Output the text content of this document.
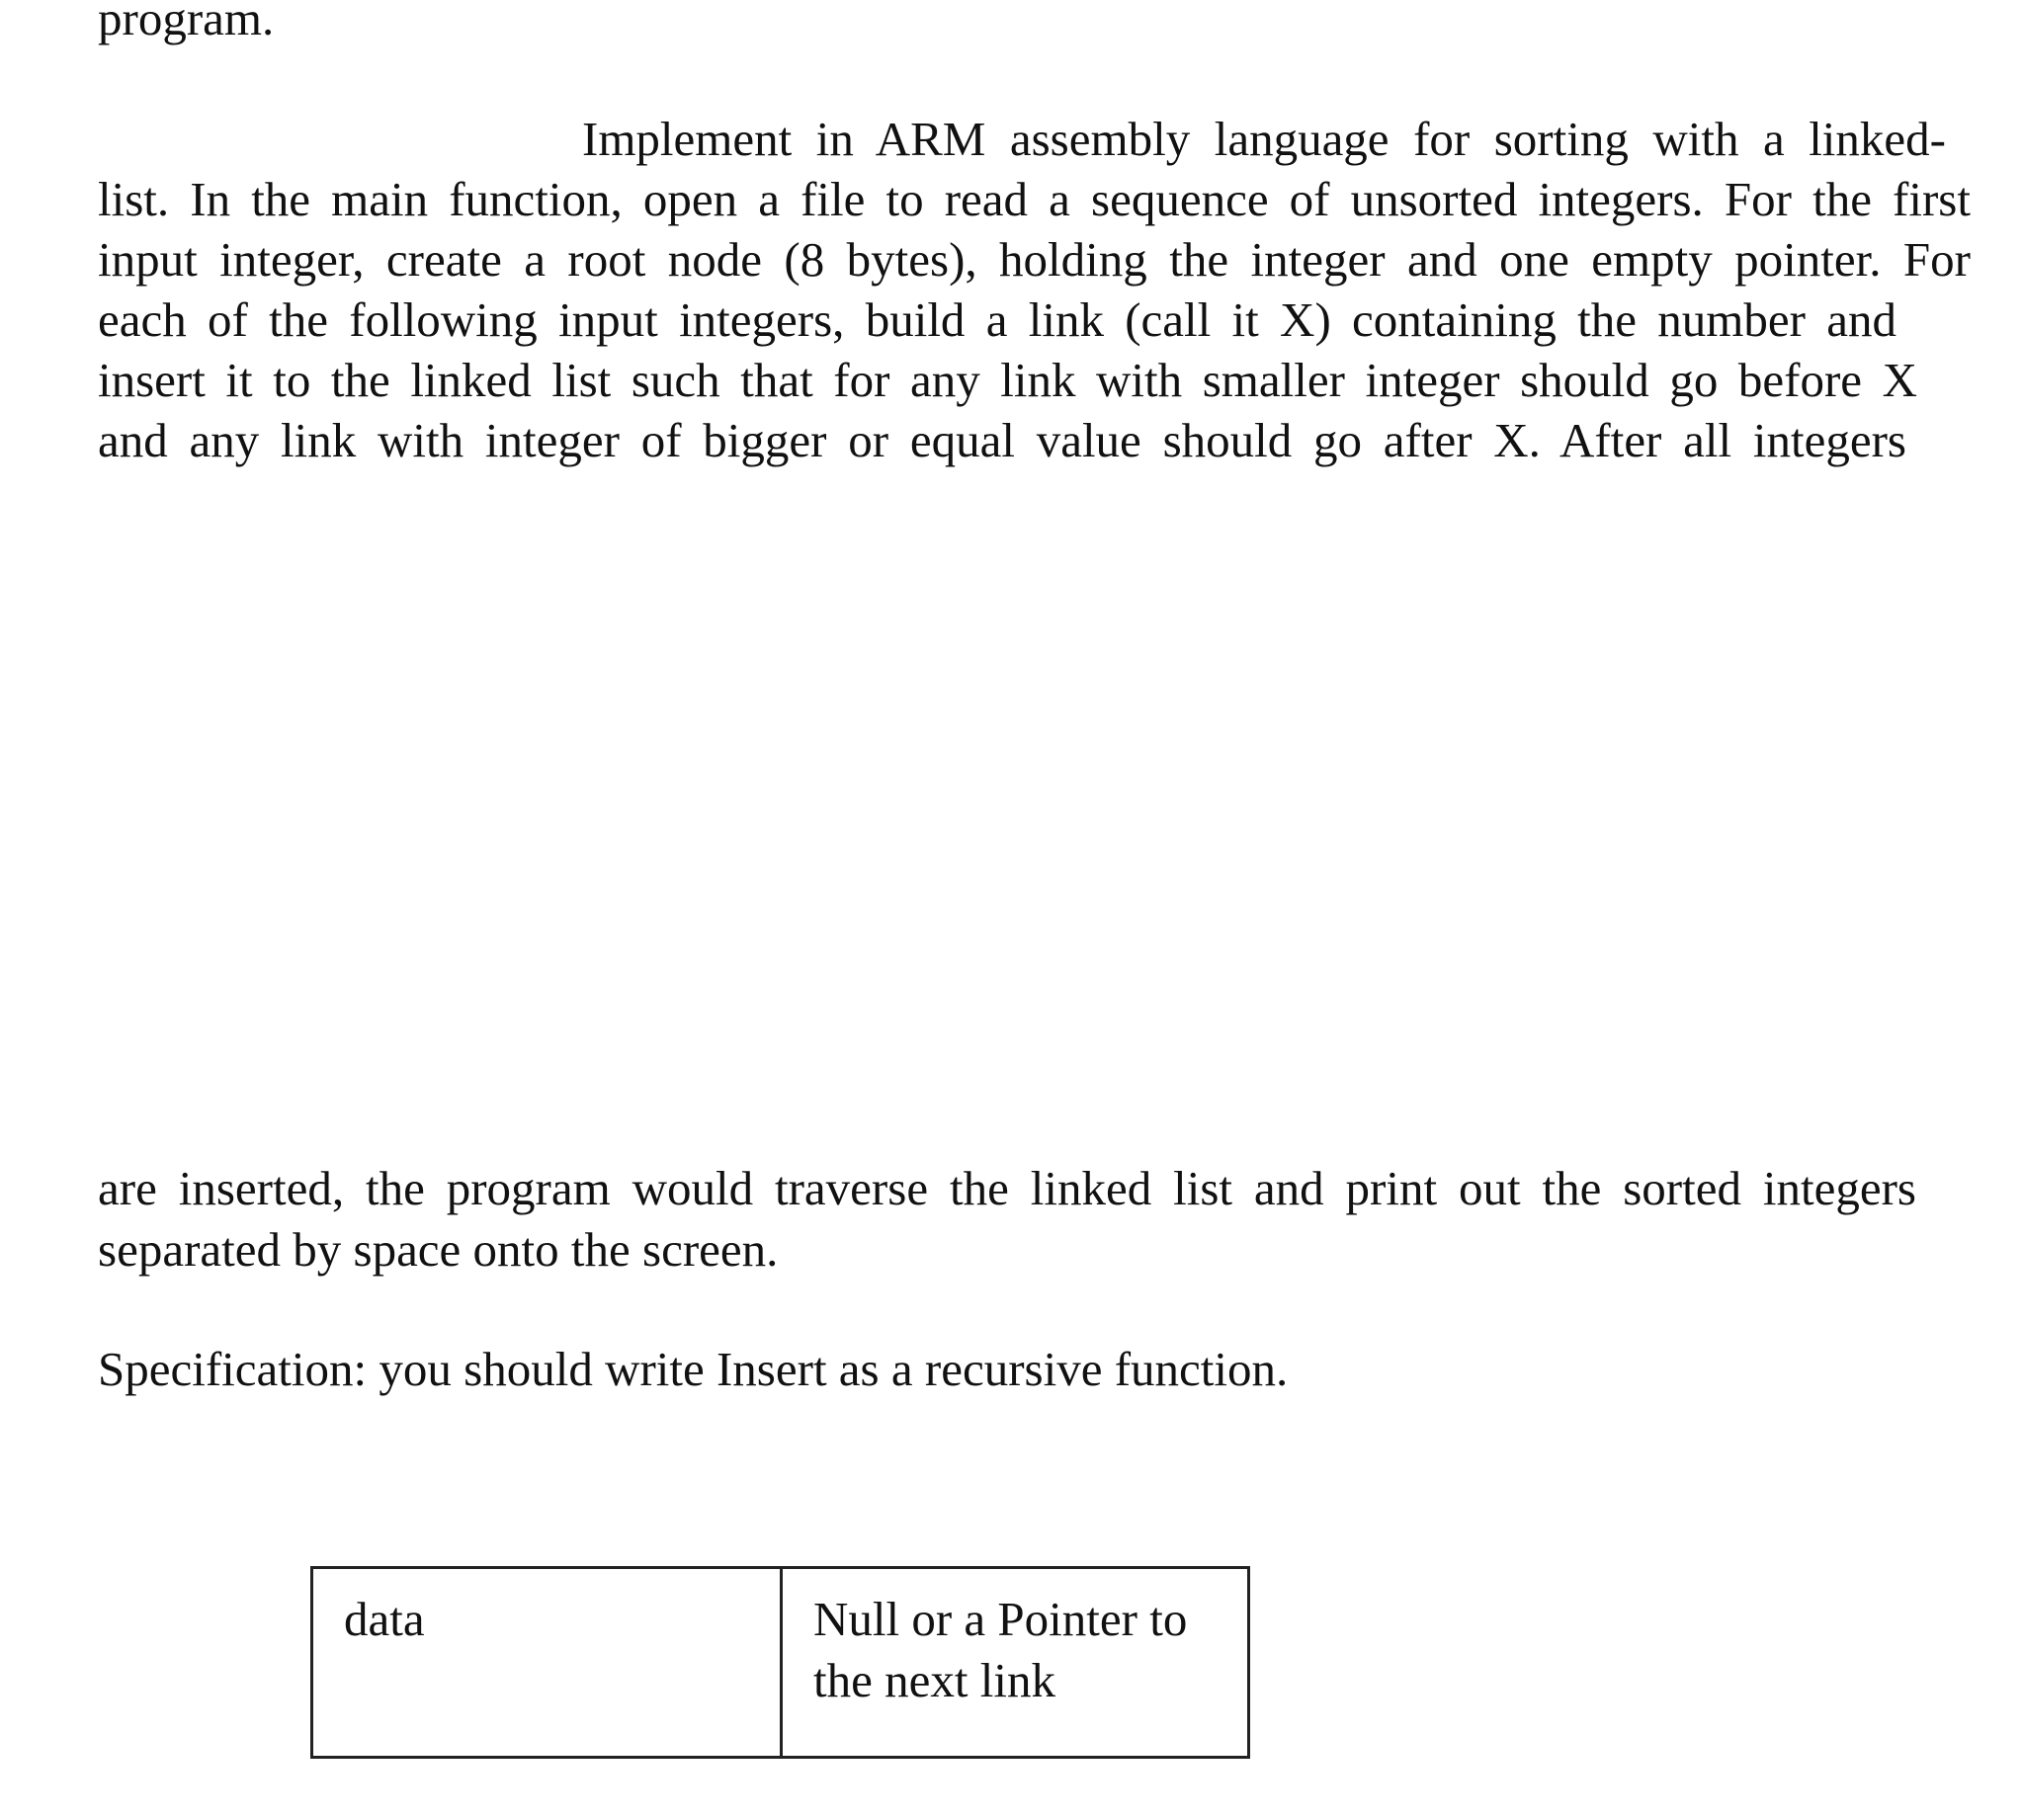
program.
Implement in ARM assembly language for sorting with a linked-
list. In the main function, open a file to read a sequence of unsorted integers. For the first
input integer, create a root node (8 bytes), holding the integer and one empty pointer. For
each of the following input integers, build a link (call it X) containing the number and
insert it to the linked list such that for any link with smaller integer should go before X
and any link with integer of bigger or equal value should go after X. After all integers
are inserted, the program would traverse the linked list and print out the sorted integers
separated by space onto the screen.
Specification: you should write Insert as a recursive function.
data	Null or a Pointer to
the next link
